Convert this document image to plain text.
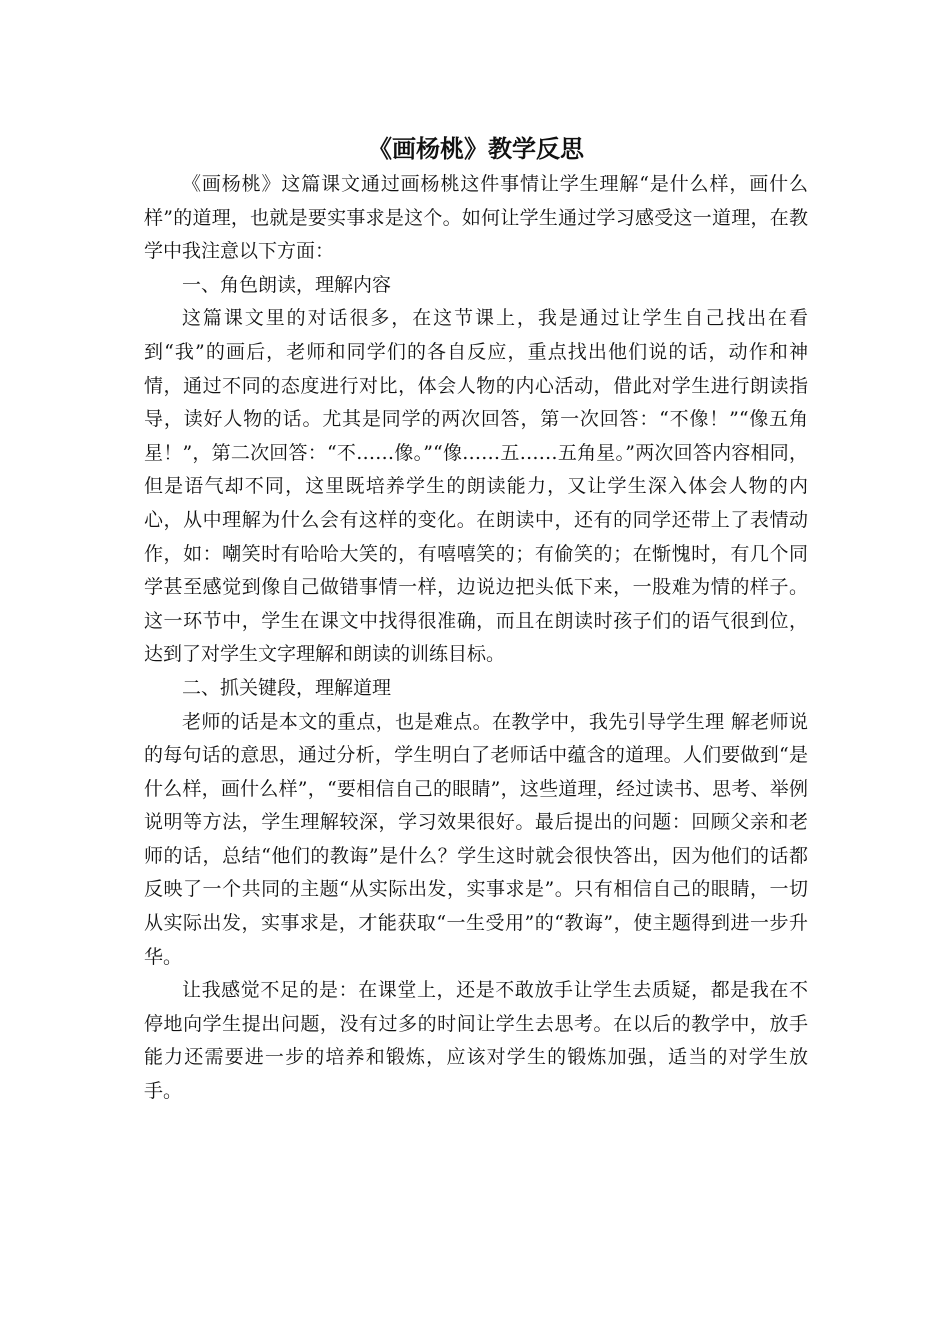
《画杨桃》教学反思

《画杨桃》这篇课文通过画杨桃这件事情让学生理解“是什么样，画什么样”的道理，也就是要实事求是这个。如何让学生通过学习感受这一道理，在教学中我注意以下方面：

一、角色朗读，理解内容

这篇课文里的对话很多，在这节课上，我是通过让学生自己找出在看到“我”的画后，老师和同学们的各自反应，重点找出他们说的话，动作和神情，通过不同的态度进行对比，体会人物的内心活动，借此对学生进行朗读指导，读好人物的话。尤其是同学的两次回答，第一次回答：“不像！”“像五角星！”，第二次回答：“不……像。”“像……五……五角星。”两次回答内容相同，但是语气却不同，这里既培养学生的朗读能力，又让学生深入体会人物的内心，从中理解为什么会有这样的变化。在朗读中，还有的同学还带上了表情动作，如：嘲笑时有哈哈大笑的，有嘻嘻笑的；有偷笑的；在惭愧时，有几个同学甚至感觉到像自己做错事情一样，边说边把头低下来，一股难为情的样子。这一环节中，学生在课文中找得很准确，而且在朗读时孩子们的语气很到位，达到了对学生文字理解和朗读的训练目标。

二、抓关键段，理解道理

老师的话是本文的重点，也是难点。在教学中，我先引导学生理 解老师说的每句话的意思，通过分析，学生明白了老师话中蕴含的道理。人们要做到“是什么样，画什么样”，“要相信自己的眼睛”，这些道理，经过读书、思考、举例说明等方法，学生理解较深，学习效果很好。最后提出的问题：回顾父亲和老师的话，总结“他们的教诲”是什么？学生这时就会很快答出，因为他们的话都反映了一个共同的主题“从实际出发，实事求是”。只有相信自己的眼睛，一切从实际出发，实事求是，才能获取“一生受用”的“教诲”，使主题得到进一步升华。

让我感觉不足的是：在课堂上，还是不敢放手让学生去质疑，都是我在不停地向学生提出问题，没有过多的时间让学生去思考。在以后的教学中，放手能力还需要进一步的培养和锻炼，应该对学生的锻炼加强，适当的对学生放手。
